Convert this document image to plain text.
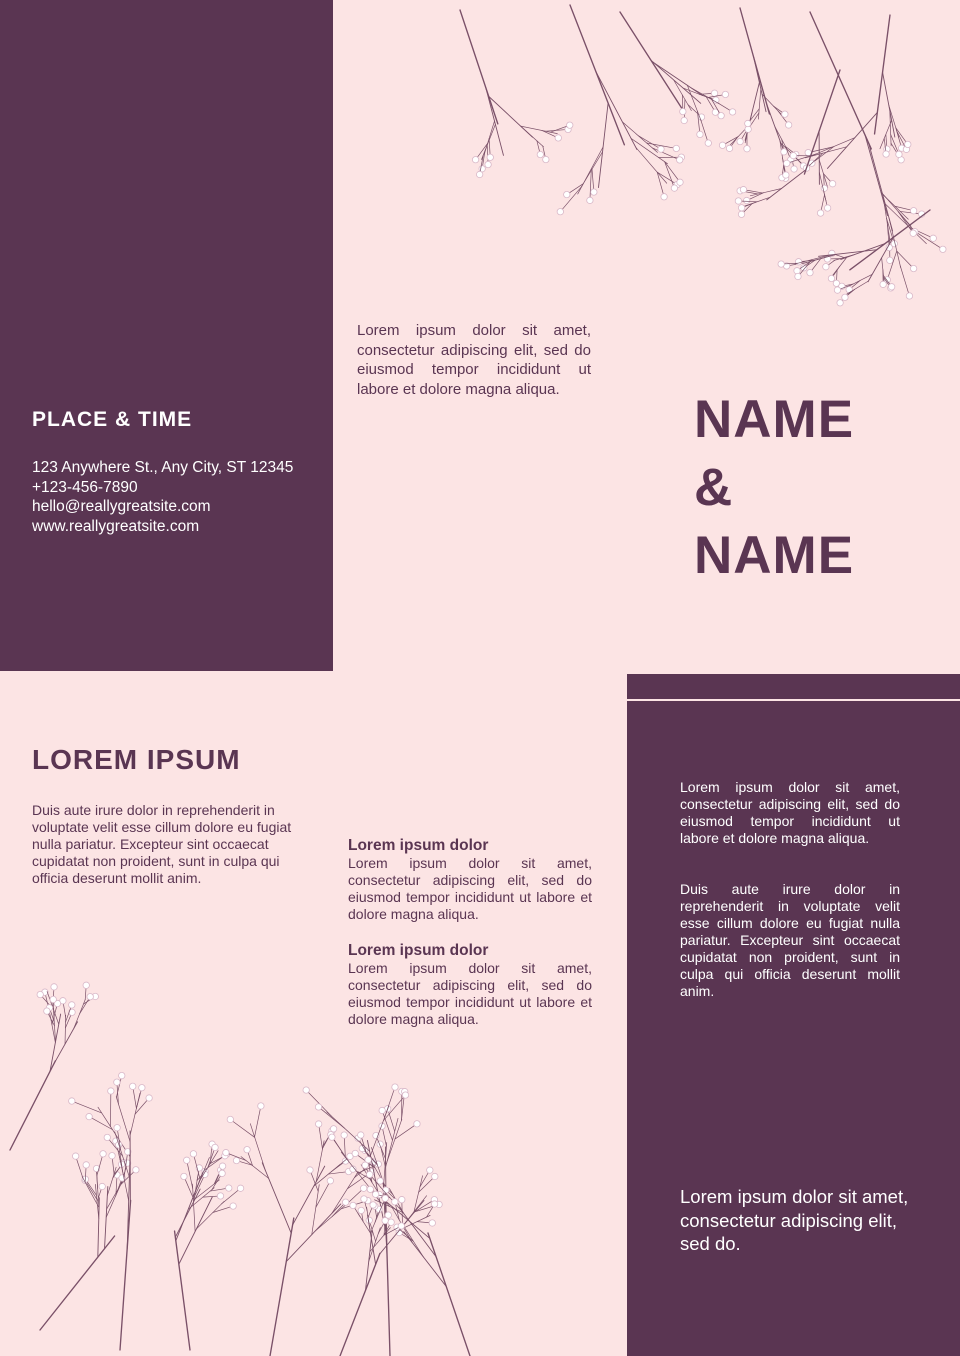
PLACE & TIME
123 Anywhere St., Any City, ST 12345
+123-456-7890
hello@reallygreatsite.com
www.reallygreatsite.com
Lorem ipsum dolor sit amet, consectetur adipiscing elit, sed do eiusmod tempor incididunt ut labore et dolore magna aliqua.
NAME
&
NAME
LOREM IPSUM
Duis aute irure dolor in reprehenderit in voluptate velit esse cillum dolore eu fugiat nulla pariatur. Excepteur sint occaecat cupidatat non proident, sunt in culpa qui officia deserunt mollit anim.
Lorem ipsum dolor
Lorem ipsum dolor sit amet, consectetur adipiscing elit, sed do eiusmod tempor incididunt ut labore et dolore magna aliqua.
Lorem ipsum dolor
Lorem ipsum dolor sit amet, consectetur adipiscing elit, sed do eiusmod tempor incididunt ut labore et dolore magna aliqua.
Lorem ipsum dolor sit amet, consectetur adipiscing elit, sed do eiusmod tempor incididunt ut labore et dolore magna aliqua.
Duis aute irure dolor in reprehenderit in voluptate velit esse cillum dolore eu fugiat nulla pariatur. Excepteur sint occaecat cupidatat non proident, sunt in culpa qui officia deserunt mollit anim.
Lorem ipsum dolor sit amet, consectetur adipiscing elit, sed do.
